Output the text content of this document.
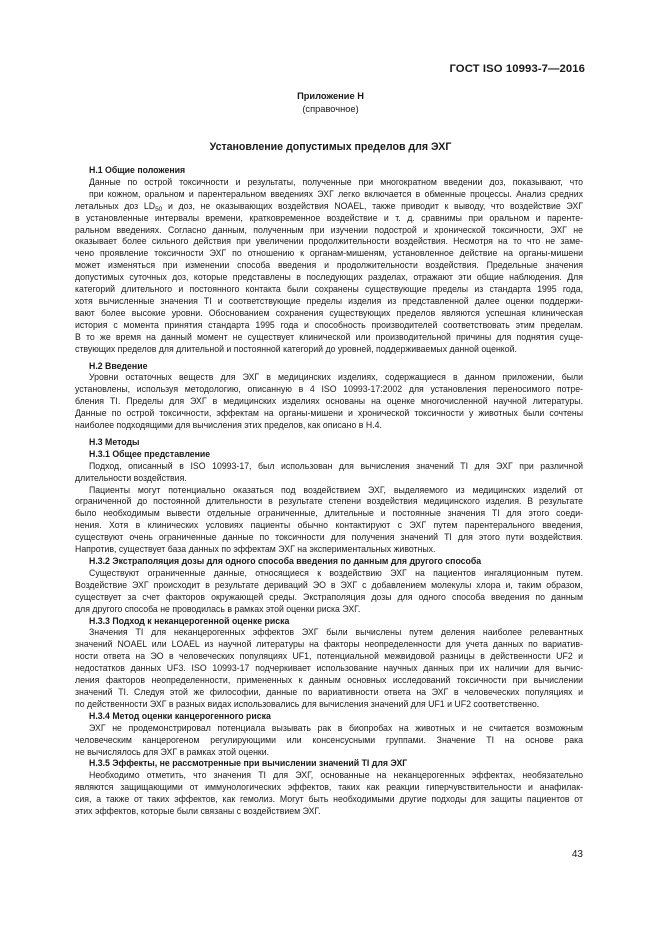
ГОСТ ISO 10993-7—2016
Приложение Н
(справочное)
Установление допустимых пределов для ЭХГ

Н.1 Общие положения

Данные по острой токсичности и результаты, полученные при многократном введении доз, показывают, что
при кожном, оральном и парентеральном введениях ЭХГ легко включается в обменные процессы. Анализ средних
летальных доз $LD_{50}$ и доз, не оказывающих воздействия NOAEL, также приводит к выводу, что воздействие ЭХГ
в установленные интервалы времени, кратковременное воздействие и т. д. сравнимы при оральном и паренте-
ральном введениях. Согласно данным, полученным при изучении подострой и хронической токсичности, ЭХГ не
оказывает более сильного действия при увеличении продолжительности воздействия. Несмотря на то что не заме-
чено проявление токсичности ЭХГ по отношению к органам-мишеням, установленное действие на органы-мишени
может изменяться при изменении способа введения и продолжительности воздействия. Предельные значения
допустимых суточных доз, которые представлены в последующих разделах, отражают эти общие наблюдения. Для
категорий длительного и постоянного контакта были сохранены существующие пределы из стандарта 1995 года,
хотя вычисленные значения TI и соответствующие пределы изделия из представленной далее оценки поддержи-
вают более высокие уровни. Обоснованием сохранения существующих пределов являются успешная клиническая
история с момента принятия стандарта 1995 года и способность производителей соответствовать этим пределам.
В то же время на данный момент не существует клинической или производительной причины для поднятия суще-
ствующих пределов для длительной и постоянной категорий до уровней, поддерживаемых данной оценкой.

Н.2 Введение

Уровни остаточных веществ для ЭХГ в медицинских изделиях, содержащиеся в данном приложении, были
установлены, используя методологию, описанную в 4 ISO 10993-17:2002 для установления переносимого потре-
бления TI. Пределы для ЭХГ в медицинских изделиях основаны на оценке многочисленной научной литературы.
Данные по острой токсичности, эффектам на органы-мишени и хронической токсичности у животных были сочтены
наиболее подходящими для вычисления этих пределов, как описано в Н.4.

Н.3 Методы

Н.3.1 Общее представление

Подход, описанный в ISO 10993-17, был использован для вычисления значений TI для ЭХГ при различной
длительности воздействия.

Пациенты могут потенциально оказаться под воздействием ЭХГ, выделяемого из медицинских изделий от
ограниченной до постоянной длительности в результате степени воздействия медицинского изделия. В результате
было необходимым вывести отдельные ограниченные, длительные и постоянные значения TI для этого соеди-
нения. Хотя в клинических условиях пациенты обычно контактируют с ЭХГ путем парентерального введения,
существуют очень ограниченные данные по токсичности для получения значений TI для этого пути воздействия.
Напротив, существует база данных по эффектам ЭХГ на экспериментальных животных.

Н.3.2 Экстраполяция дозы для одного способа введения по данным для другого способа

Существуют ограниченные данные, относящиеся к воздействию ЭХГ на пациентов ингаляционным путем.
Воздействие ЭХГ происходит в результате дериваций ЭО в ЭХГ с добавлением молекулы хлора и, таким образом,
существует за счет факторов окружающей среды. Экстраполяция дозы для одного способа введения по данным
для другого способа не проводилась в рамках этой оценки риска ЭХГ.

Н.3.3 Подход к неканцерогенной оценке риска

Значения TI для неканцерогенных эффектов ЭХГ были вычислены путем деления наиболее релевантных
значений NOAEL или LOAEL из научной литературы на факторы неопределенности для учета данных по вариатив-
ности ответа на ЭО в человеческих популяциях UF1, потенциальной межвидовой разницы в действенности UF2 и
недостатков данных UF3. ISO 10993-17 подчеркивает использование научных данных при их наличии для вычис-
ления факторов неопределенности, примененных к данным основных исследований токсичности при вычислении
значений TI. Следуя этой же философии, данные по вариативности ответа на ЭХГ в человеческих популяциях и
по действенности ЭХГ в разных видах использовались для вычисления значений для UF1 и UF2 соответственно.

Н.3.4 Метод оценки канцерогенного риска

ЭХГ не продемонстрировал потенциала вызывать рак в биопробах на животных и не считается возможным
человеческим канцерогеном регулирующими или консенсусными группами. Значение TI на основе рака
не вычислялось для ЭХГ в рамках этой оценки.

Н.3.5 Эффекты, не рассмотренные при вычислении значений TI для ЭХГ

Необходимо отметить, что значения TI для ЭХГ, основанные на неканцерогенных эффектах, необязательно
являются защищающими от иммунологических эффектов, таких как реакции гиперчувствительности и анафилак-
сия, а также от таких эффектов, как гемолиз. Могут быть необходимыми другие подходы для защиты пациентов от
этих эффектов, которые были связаны с воздействием ЭХГ.

43
